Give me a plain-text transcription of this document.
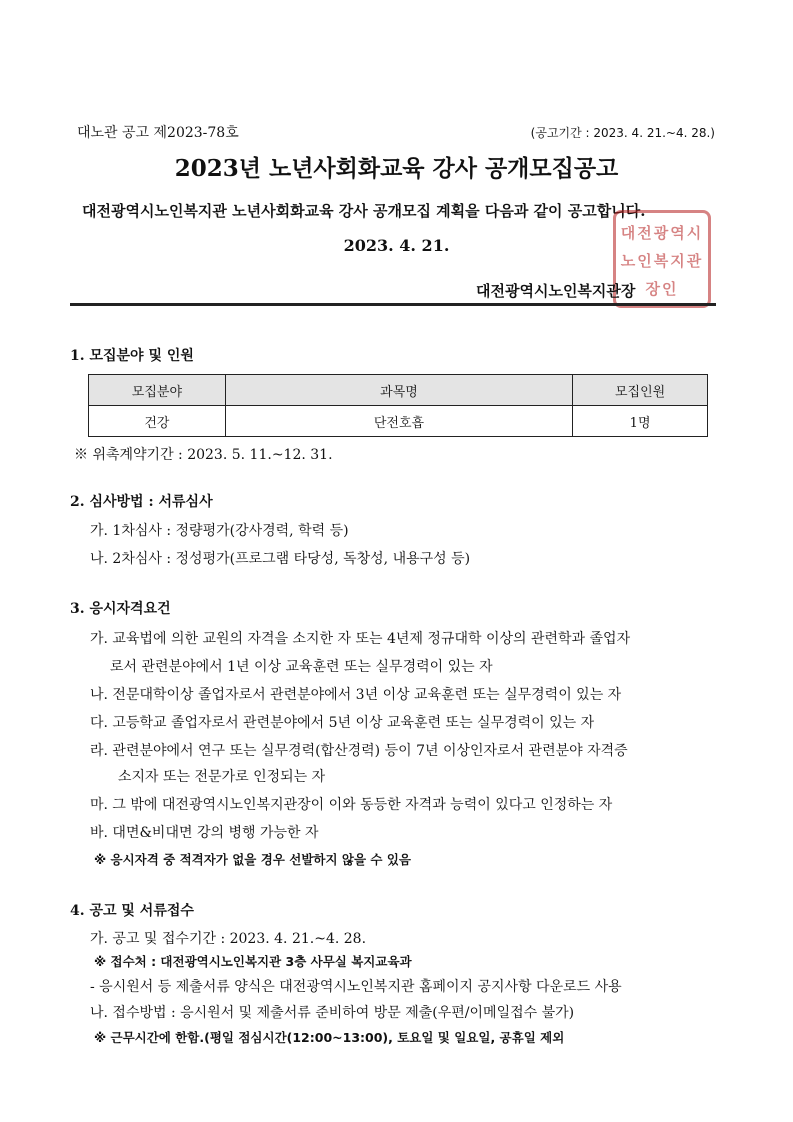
대노관 공고 제2023-78호	(공고기간 : 2023. 4. 21.~4. 28.)
2023년 노년사회화교육 강사 공개모집공고
대전광역시노인복지관 노년사회화교육 강사 공개모집 계획을 다음과 같이 공고합니다.
2023. 4. 21.
대전광역시노인복지관장인
대전광역시노인복지관장
1. 모집분야 및 인원
모집분야	과목명	모집인원
건강	단전호흡	1명
※ 위촉계약기간 : 2023. 5. 11.~12. 31.
2. 심사방법 : 서류심사
가. 1차심사 : 정량평가(강사경력, 학력 등)
나. 2차심사 : 정성평가(프로그램 타당성, 독창성, 내용구성 등)
3. 응시자격요건
가. 교육법에 의한 교원의 자격을 소지한 자 또는 4년제 정규대학 이상의 관련학과 졸업자
로서 관련분야에서 1년 이상 교육훈련 또는 실무경력이 있는 자
나. 전문대학이상 졸업자로서 관련분야에서 3년 이상 교육훈련 또는 실무경력이 있는 자
다. 고등학교 졸업자로서 관련분야에서 5년 이상 교육훈련 또는 실무경력이 있는 자
라. 관련분야에서 연구 또는 실무경력(합산경력) 등이 7년 이상인자로서 관련분야 자격증
소지자 또는 전문가로 인정되는 자
마. 그 밖에 대전광역시노인복지관장이 이와 동등한 자격과 능력이 있다고 인정하는 자
바. 대면&비대면 강의 병행 가능한 자
※ 응시자격 중 적격자가 없을 경우 선발하지 않을 수 있음
4. 공고 및 서류접수
가. 공고 및 접수기간 : 2023. 4. 21.~4. 28.
※ 접수처 : 대전광역시노인복지관 3층 사무실 복지교육과
- 응시원서 등 제출서류 양식은 대전광역시노인복지관 홈페이지 공지사항 다운로드 사용
나. 접수방법 : 응시원서 및 제출서류 준비하여 방문 제출(우편/이메일접수 불가)
※ 근무시간에 한함.(평일 점심시간(12:00~13:00), 토요일 및 일요일, 공휴일 제외
